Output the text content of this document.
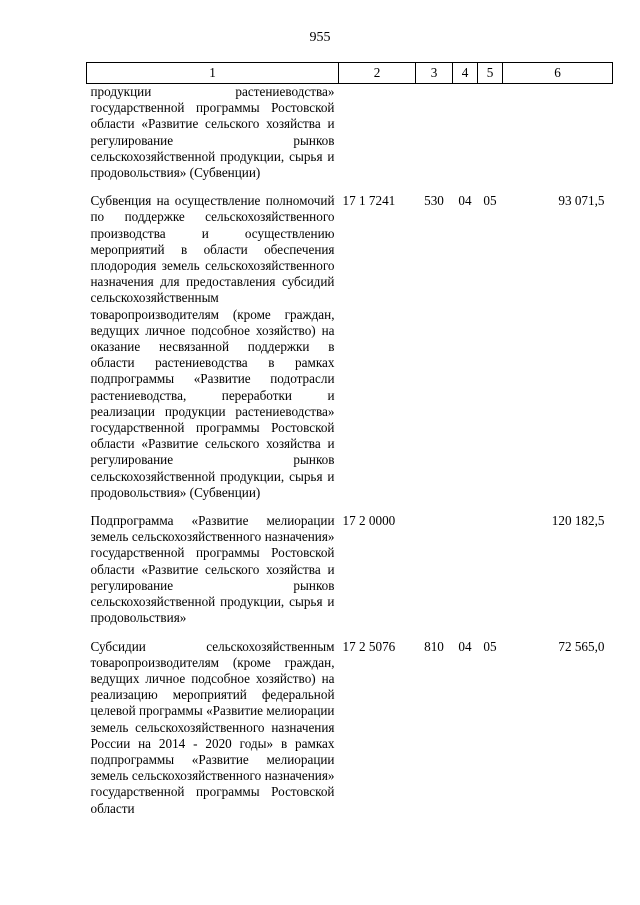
955
1	2	3	4	5	6
продукции растениеводства» государственной программы Ростовской области «Развитие сельского хозяйства и регулирование рынков сельскохозяйственной продукции, сырья и продовольствия» (Субвенции)					
Субвенция на осуществление полномочий по поддержке сельскохозяйственного производства и осуществлению мероприятий в области обеспечения плодородия земель сельскохозяйственного назначения для предоставления субсидий сельскохозяйственным товаропроизводителям (кроме граждан, ведущих личное подсобное хозяйство) на оказание несвязанной поддержки в области растениеводства в рамках подпрограммы «Развитие подотрасли растениеводства, переработки и реализации продукции растениеводства» государственной программы Ростовской области «Развитие сельского хозяйства и регулирование рынков сельскохозяйственной продукции, сырья и продовольствия» (Субвенции)	17 1 7241	530	04	05	93 071,5
Подпрограмма «Развитие мелиорации земель сельскохозяйственного назначения» государственной программы Ростовской области «Развитие сельского хозяйства и регулирование рынков сельскохозяйственной продукции, сырья и продовольствия»	17 2 0000				120 182,5
Субсидии сельскохозяйственным товаропроизводителям (кроме граждан, ведущих личное подсобное хозяйство) на реализацию мероприятий федеральной целевой программы «Развитие мелиорации земель сельскохозяйственного назначения России на 2014 - 2020 годы» в рамках подпрограммы «Развитие мелиорации земель сельскохозяйственного назначения» государственной программы Ростовской области	17 2 5076	810	04	05	72 565,0
